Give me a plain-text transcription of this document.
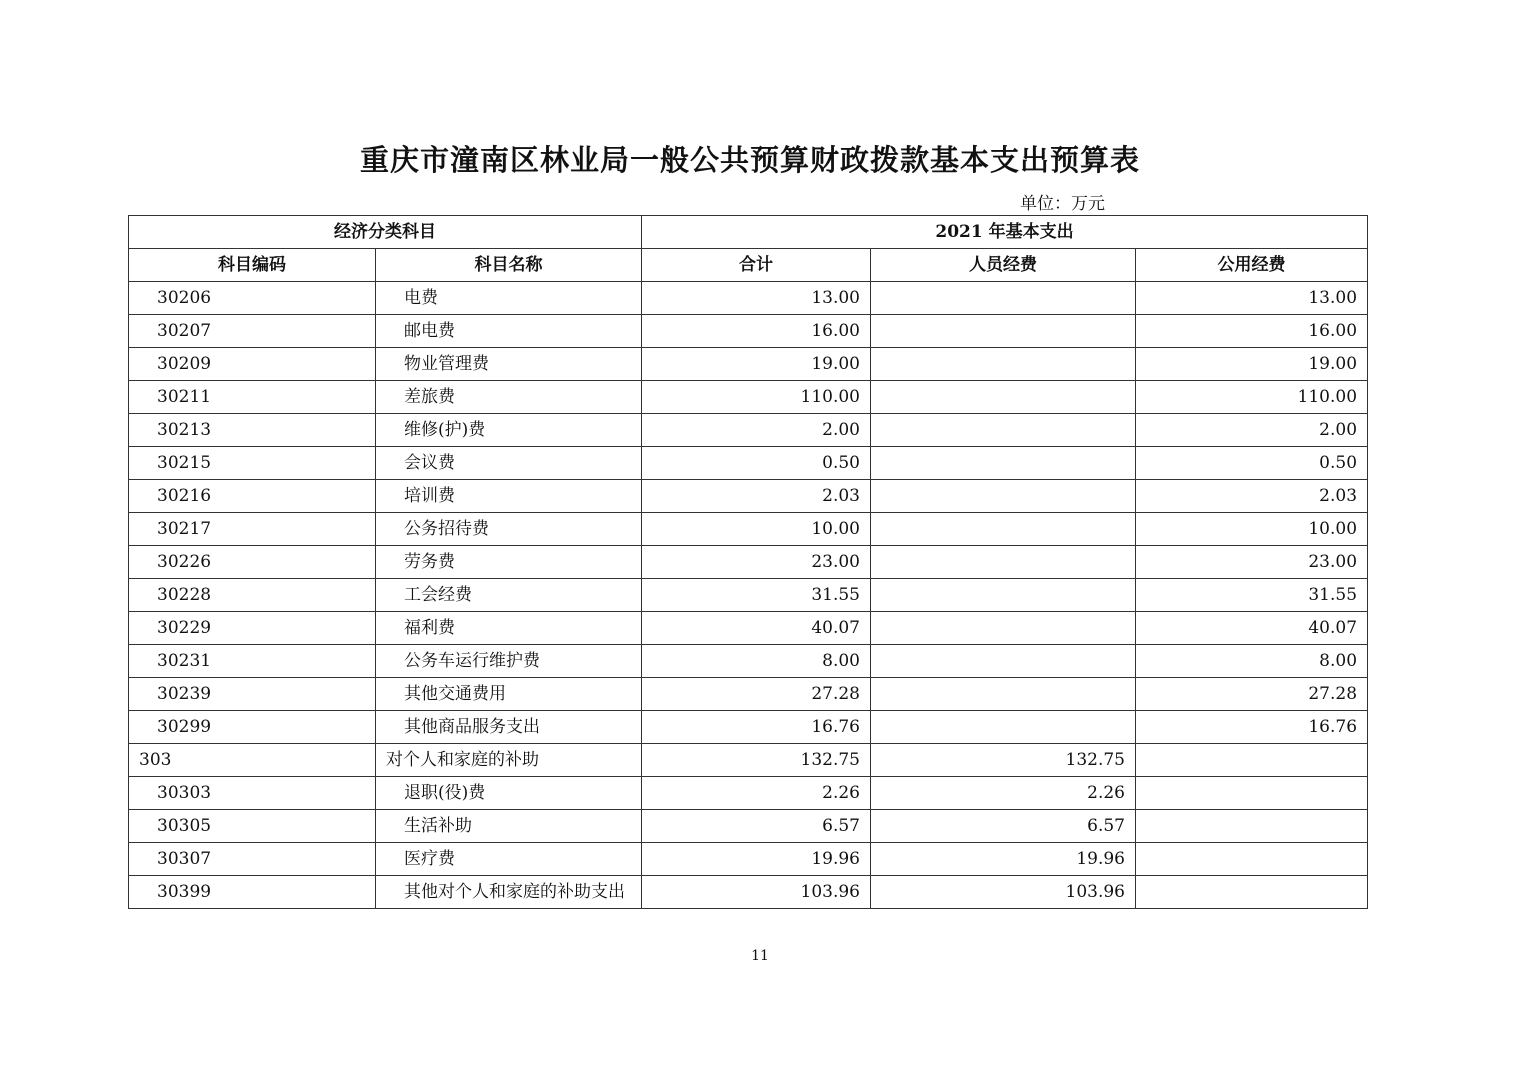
重庆市潼南区林业局一般公共预算财政拨款基本支出预算表
单位：万元
经济分类科目		2021 年基本支出		
科目编码	科目名称	合计	人员经费	公用经费
30206	电费	13.00		13.00
30207	邮电费	16.00		16.00
30209	物业管理费	19.00		19.00
30211	差旅费	110.00		110.00
30213	维修(护)费	2.00		2.00
30215	会议费	0.50		0.50
30216	培训费	2.03		2.03
30217	公务招待费	10.00		10.00
30226	劳务费	23.00		23.00
30228	工会经费	31.55		31.55
30229	福利费	40.07		40.07
30231	公务车运行维护费	8.00		8.00
30239	其他交通费用	27.28		27.28
30299	其他商品服务支出	16.76		16.76
303	对个人和家庭的补助	132.75	132.75	
30303	退职(役)费	2.26	2.26	
30305	生活补助	6.57	6.57	
30307	医疗费	19.96	19.96	
30399	其他对个人和家庭的补助支出	103.96	103.96	
11
